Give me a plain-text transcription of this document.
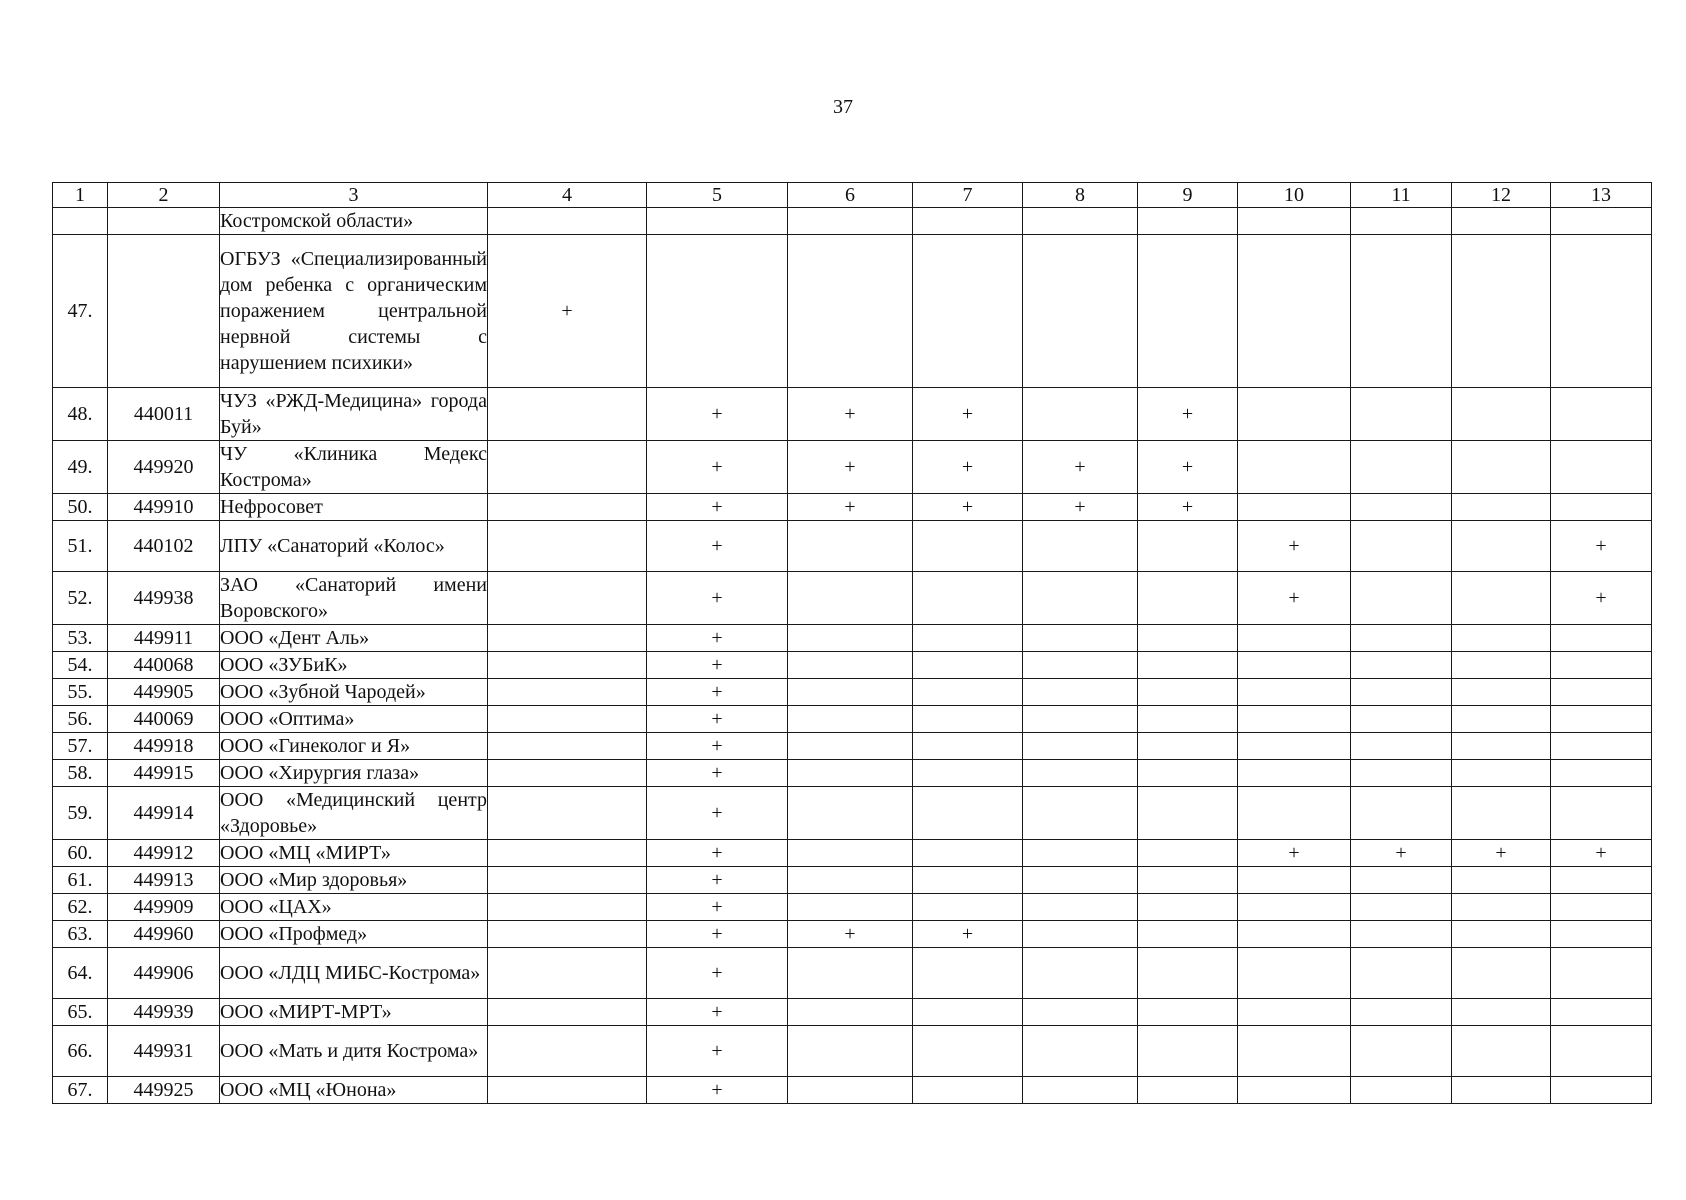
37
1	2	3	4	5	6	7	8	9	10	11	12	13
		Костромской области»										
47.		ОГБУЗ «Специализированный дом ребенка с органическим поражением центральной нервной системы с нарушением психики»	+									
48.	440011	ЧУЗ «РЖД-Медицина» города Буй»		+	+	+		+				
49.	449920	ЧУ «Клиника Медекс Кострома»		+	+	+	+	+				
50.	449910	Нефросовет		+	+	+	+	+				
51.	440102	ЛПУ «Санаторий «Колос»		+					+			+
52.	449938	ЗАО «Санаторий имени Воровского»		+					+			+
53.	449911	ООО «Дент Аль»		+								
54.	440068	ООО «ЗУБиК»		+								
55.	449905	ООО «Зубной Чародей»		+								
56.	440069	ООО «Оптима»		+								
57.	449918	ООО «Гинеколог и Я»		+								
58.	449915	ООО «Хирургия глаза»		+								
59.	449914	ООО «Медицинский центр «Здоровье»		+								
60.	449912	ООО «МЦ «МИРТ»		+					+	+	+	+
61.	449913	ООО «Мир здоровья»		+								
62.	449909	ООО «ЦАХ»		+								
63.	449960	ООО «Профмед»		+	+	+						
64.	449906	ООО «ЛДЦ МИБС-Кострома»		+								
65.	449939	ООО «МИРТ-МРТ»		+								
66.	449931	ООО «Мать и дитя Кострома»		+								
67.	449925	ООО «МЦ «Юнона»		+								
